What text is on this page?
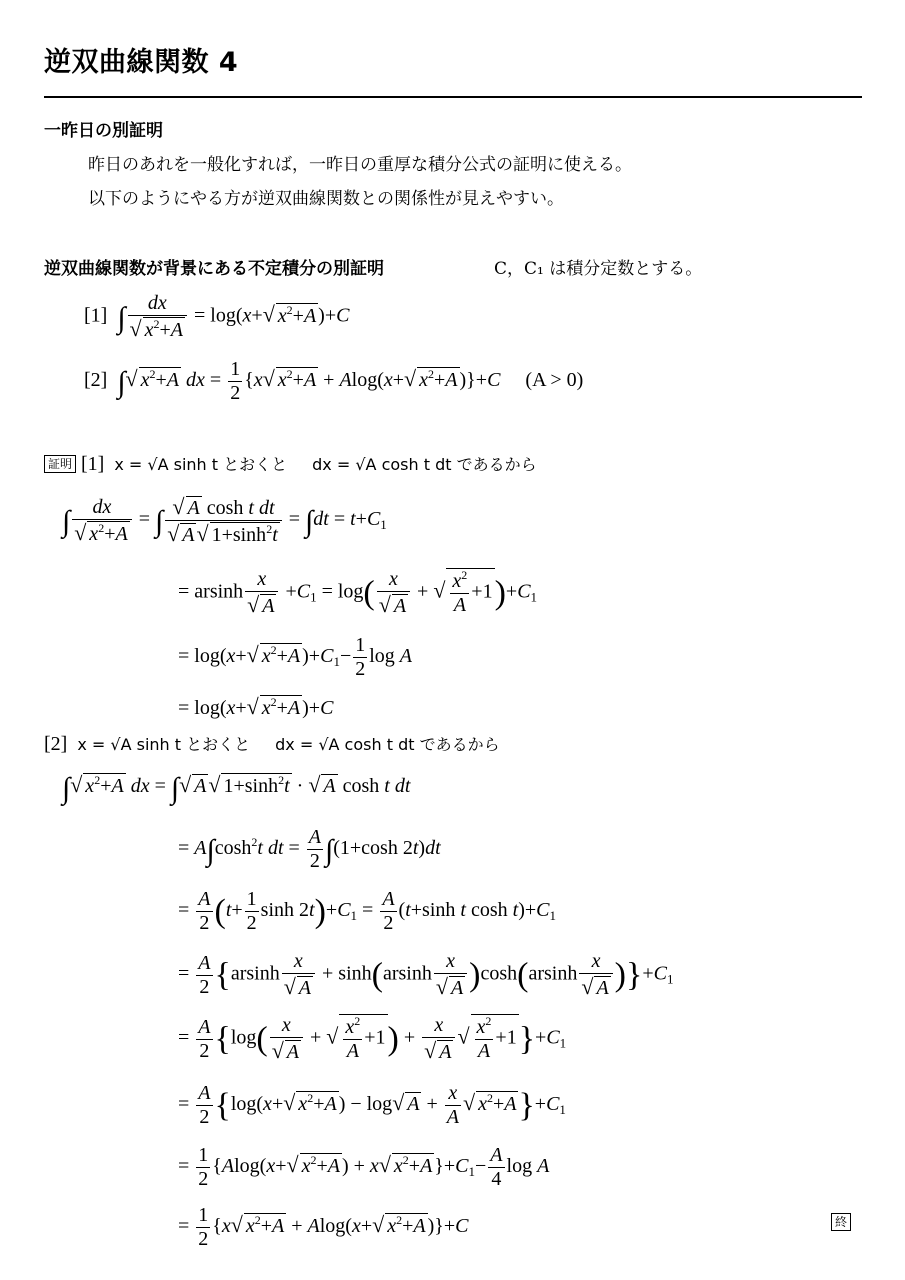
逆双曲線関数 4
一昨日の別証明
昨日のあれを一般化すれば，一昨日の重厚な積分公式の証明に使える。
以下のようにやる方が逆双曲線関数との関係性が見えやすい。
逆双曲線関数が背景にある不定積分の別証明	C，C₁ は積分定数とする。
[1] ∫ $\frac{dx}{√ x^2+A} = \log(x+√$ $x^2+A$ )+C
[2] ∫√ $x^2+A$ dx = $\frac{1}{2} \{x√$ $x^2+A + Alog(x+√$ $x^2+A$ )}+C (A > 0)
証明 [1] x = √A sinh t とおくと dx = √A cosh t dt であるから
∫ $\frac{dx}{√ x^2+A}$ = ∫ $\frac{\text{√ A cosh t dt}}{√ A√ 1+\sinh^2t} = \int dt = t+C_1$
= arsinh $\frac{x}{√ A} +C_1 = \log( \frac{x}{√ A}$ + √ $\frac{x^2}{A} +1)+C_1$
= log(x+√ $x^2+A$ )$+C_1- \frac{1}{2}$ log A
= log(x+√ $x^2+A$ )+C
[2] x = √A sinh t とおくと dx = √A cosh t dt であるから
∫√ $x^2+A$ dx = ∫√ A√ $1+\sinh^2t$ · √ A cosh t dt
= $A\int\cosh^2t$ dt = $\frac{A}{2} \int(1+\cosh$ 2t)dt
= $\frac{A}{2} (t+ \frac{1}{2}$ $\sinh 2t)+C_1 = \frac{A}{2} (t+\sinh$ t $\cosh t)+C_1$
= $\frac{A}{2} \{arsinh \frac{x}{√ A} + \sinh(arsinh \frac{x}{√ A} )\cosh(arsinh \frac{x}{√ A} )\}+C_1$
= $\frac{A}{2} \{\log( \frac{x}{√ A}$ + √ $\frac{x^2}{A} +1) + \frac{x}{√ A}$ √ $\frac{x^2}{A} +1\}+C_1$
= $\frac{A}{2} \{\log(x+√$ $x^2+A$ ) − log√ $A + \frac{x}{A}$ √ $x^2+A\}+C_1$
= $\frac{1}{2} \{Alog(x+√$ $x^2+A$ ) + x√ $x^2+A$ }$+C_1- \frac{A}{4}$ log A
= $\frac{1}{2} \{x√$ $x^2+A + Alog(x+√$ $x^2+A$ )}+C	終
